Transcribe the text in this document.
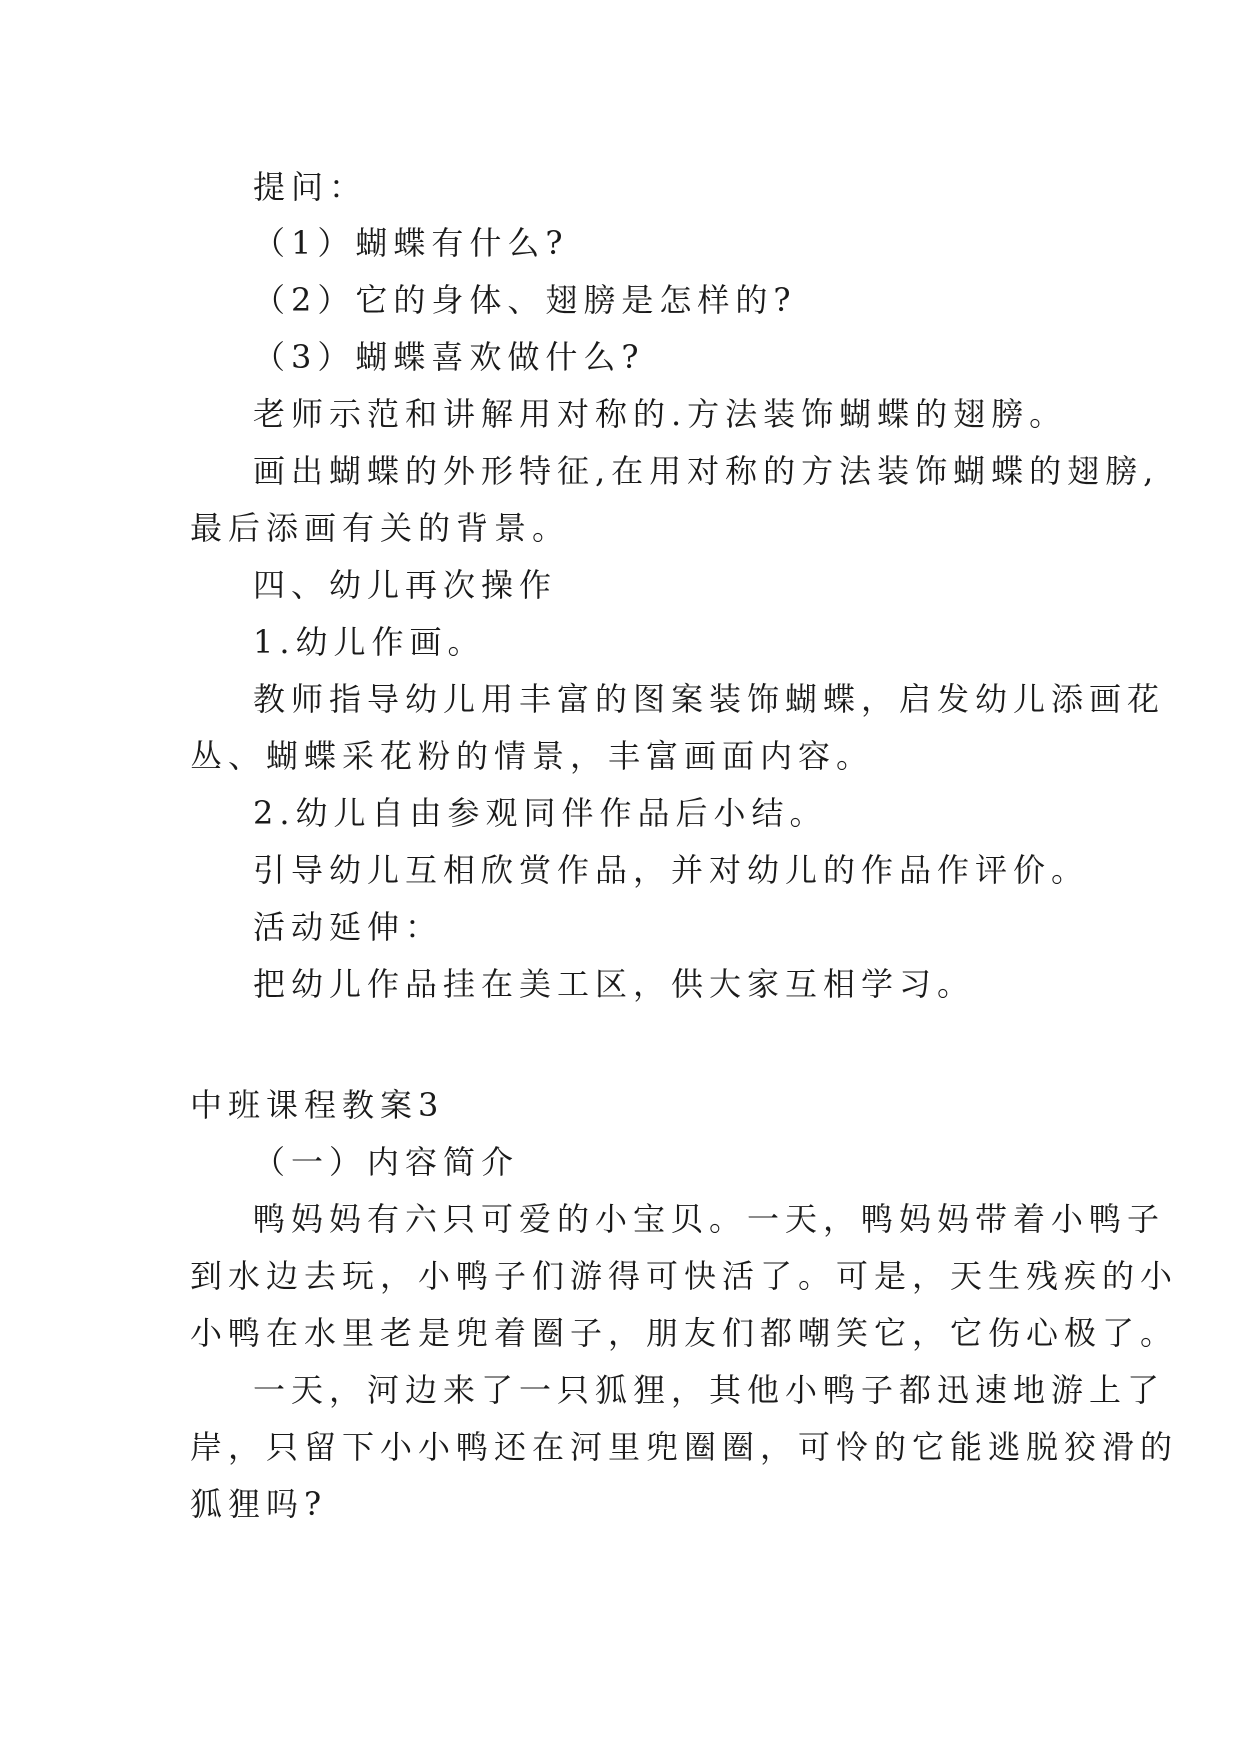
提问：
（1）蝴蝶有什么?
（2）它的身体、翅膀是怎样的?
（3）蝴蝶喜欢做什么?
老师示范和讲解用对称的.方法装饰蝴蝶的翅膀。
画出蝴蝶的外形特征,在用对称的方法装饰蝴蝶的翅膀,
最后添画有关的背景。
四、幼儿再次操作
1.幼儿作画。
教师指导幼儿用丰富的图案装饰蝴蝶，启发幼儿添画花
丛、蝴蝶采花粉的情景，丰富画面内容。
2.幼儿自由参观同伴作品后小结。
引导幼儿互相欣赏作品，并对幼儿的作品作评价。
活动延伸：
把幼儿作品挂在美工区，供大家互相学习。
中班课程教案3
（一）内容简介
鸭妈妈有六只可爱的小宝贝。一天，鸭妈妈带着小鸭子
到水边去玩，小鸭子们游得可快活了。可是，天生残疾的小
小鸭在水里老是兜着圈子，朋友们都嘲笑它，它伤心极了。
一天，河边来了一只狐狸，其他小鸭子都迅速地游上了
岸，只留下小小鸭还在河里兜圈圈，可怜的它能逃脱狡滑的
狐狸吗?
